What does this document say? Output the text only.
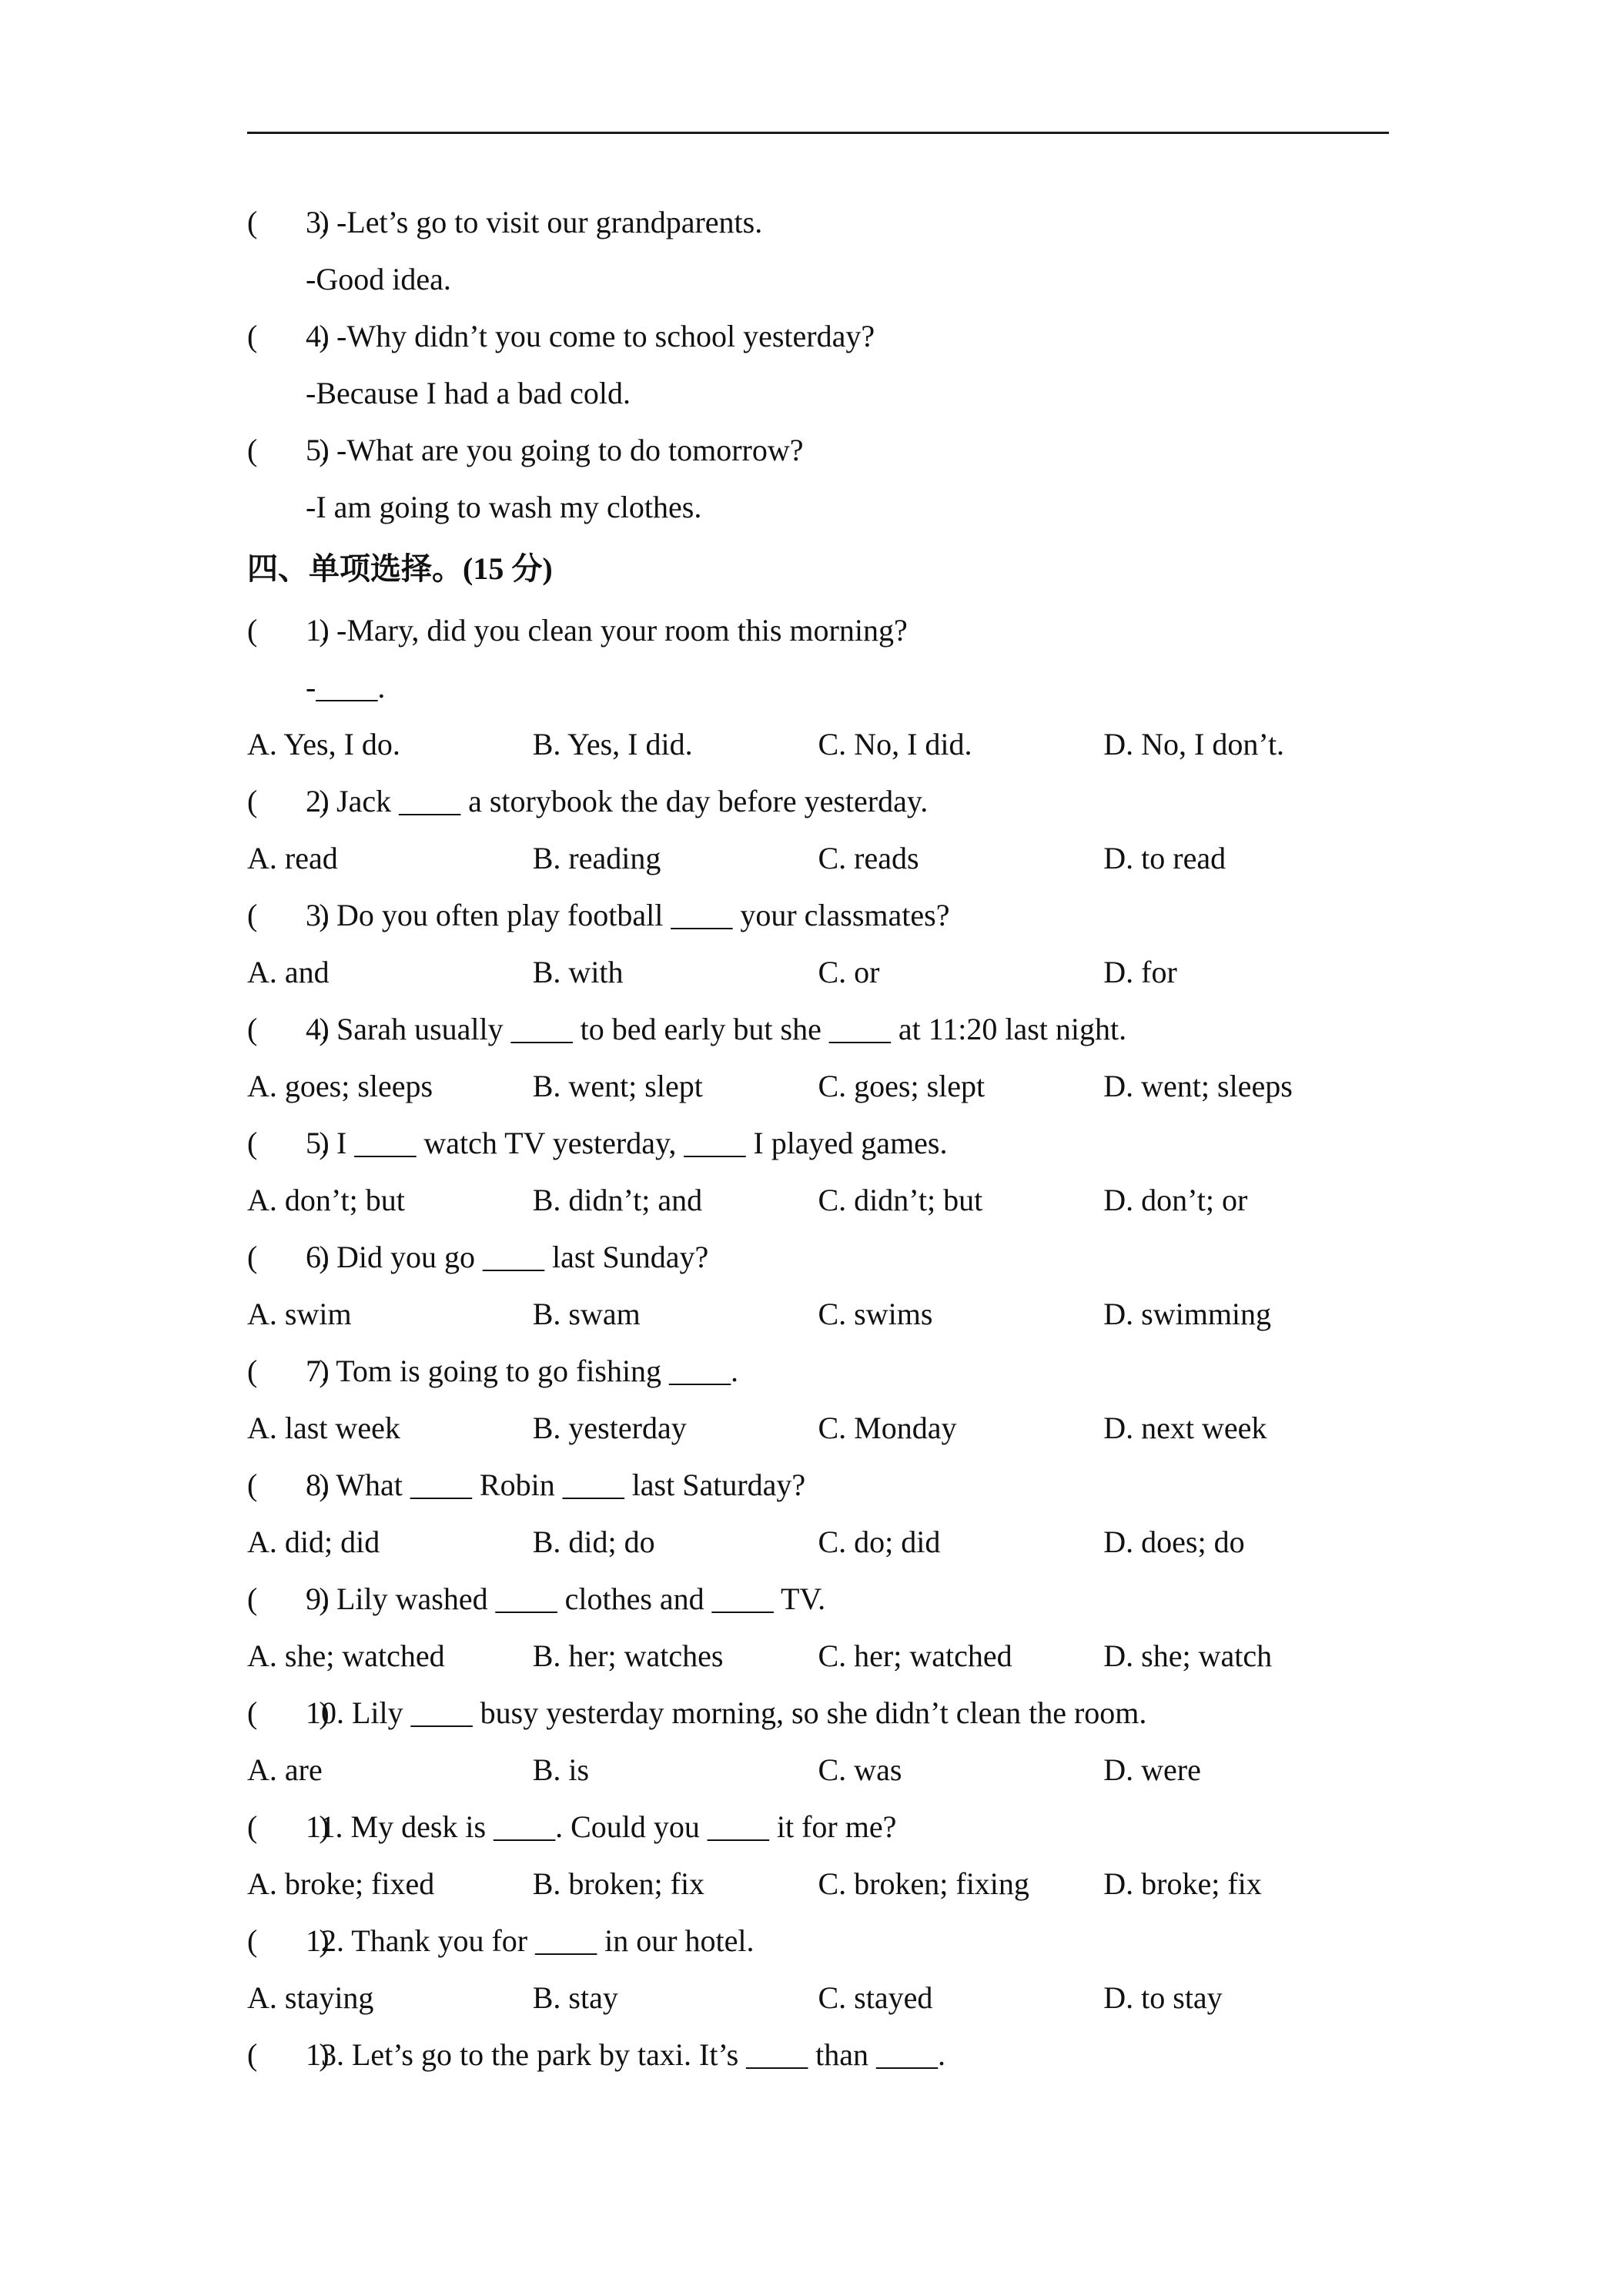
(　　)3. -Let’s go to visit our grandparents.
-Good idea.
(　　)4. -Why didn’t you come to school yesterday?
-Because I had a bad cold.
(　　)5. -What are you going to do tomorrow?
-I am going to wash my clothes.
四、单项选择。(15 分)
(　　)1. -Mary, did you clean your room this morning?
-____.
A. Yes, I do.	B. Yes, I did.	C. No, I did.	D. No, I don’t.
(　　)2. Jack ____ a storybook the day before yesterday.
A. read	B. reading	C. reads	D. to read
(　　)3. Do you often play football ____ your classmates?
A. and	B. with	C. or	D. for
(　　)4. Sarah usually ____ to bed early but she ____ at 11:20 last night.
A. goes; sleeps	B. went; slept	C. goes; slept	D. went; sleeps
(　　)5. I ____ watch TV yesterday, ____ I played games.
A. don’t; but	B. didn’t; and	C. didn’t; but	D. don’t; or
(　　)6. Did you go ____ last Sunday?
A. swim	B. swam	C. swims	D. swimming
(　　)7. Tom is going to go fishing ____.
A. last week	B. yesterday	C. Monday	D. next week
(　　)8. What ____ Robin ____ last Saturday?
A. did; did	B. did; do	C. do; did	D. does; do
(　　)9. Lily washed ____ clothes and ____ TV.
A. she; watched	B. her; watches	C. her; watched	D. she; watch
(　　)10. Lily ____ busy yesterday morning, so she didn’t clean the room.
A. are	B. is	C. was	D. were
(　　)11. My desk is ____. Could you ____ it for me?
A. broke; fixed	B. broken; fix	C. broken; fixing	D. broke; fix
(　　)12. Thank you for ____ in our hotel.
A. staying	B. stay	C. stayed	D. to stay
(　　)13. Let’s go to the park by taxi. It’s ____ than ____.
